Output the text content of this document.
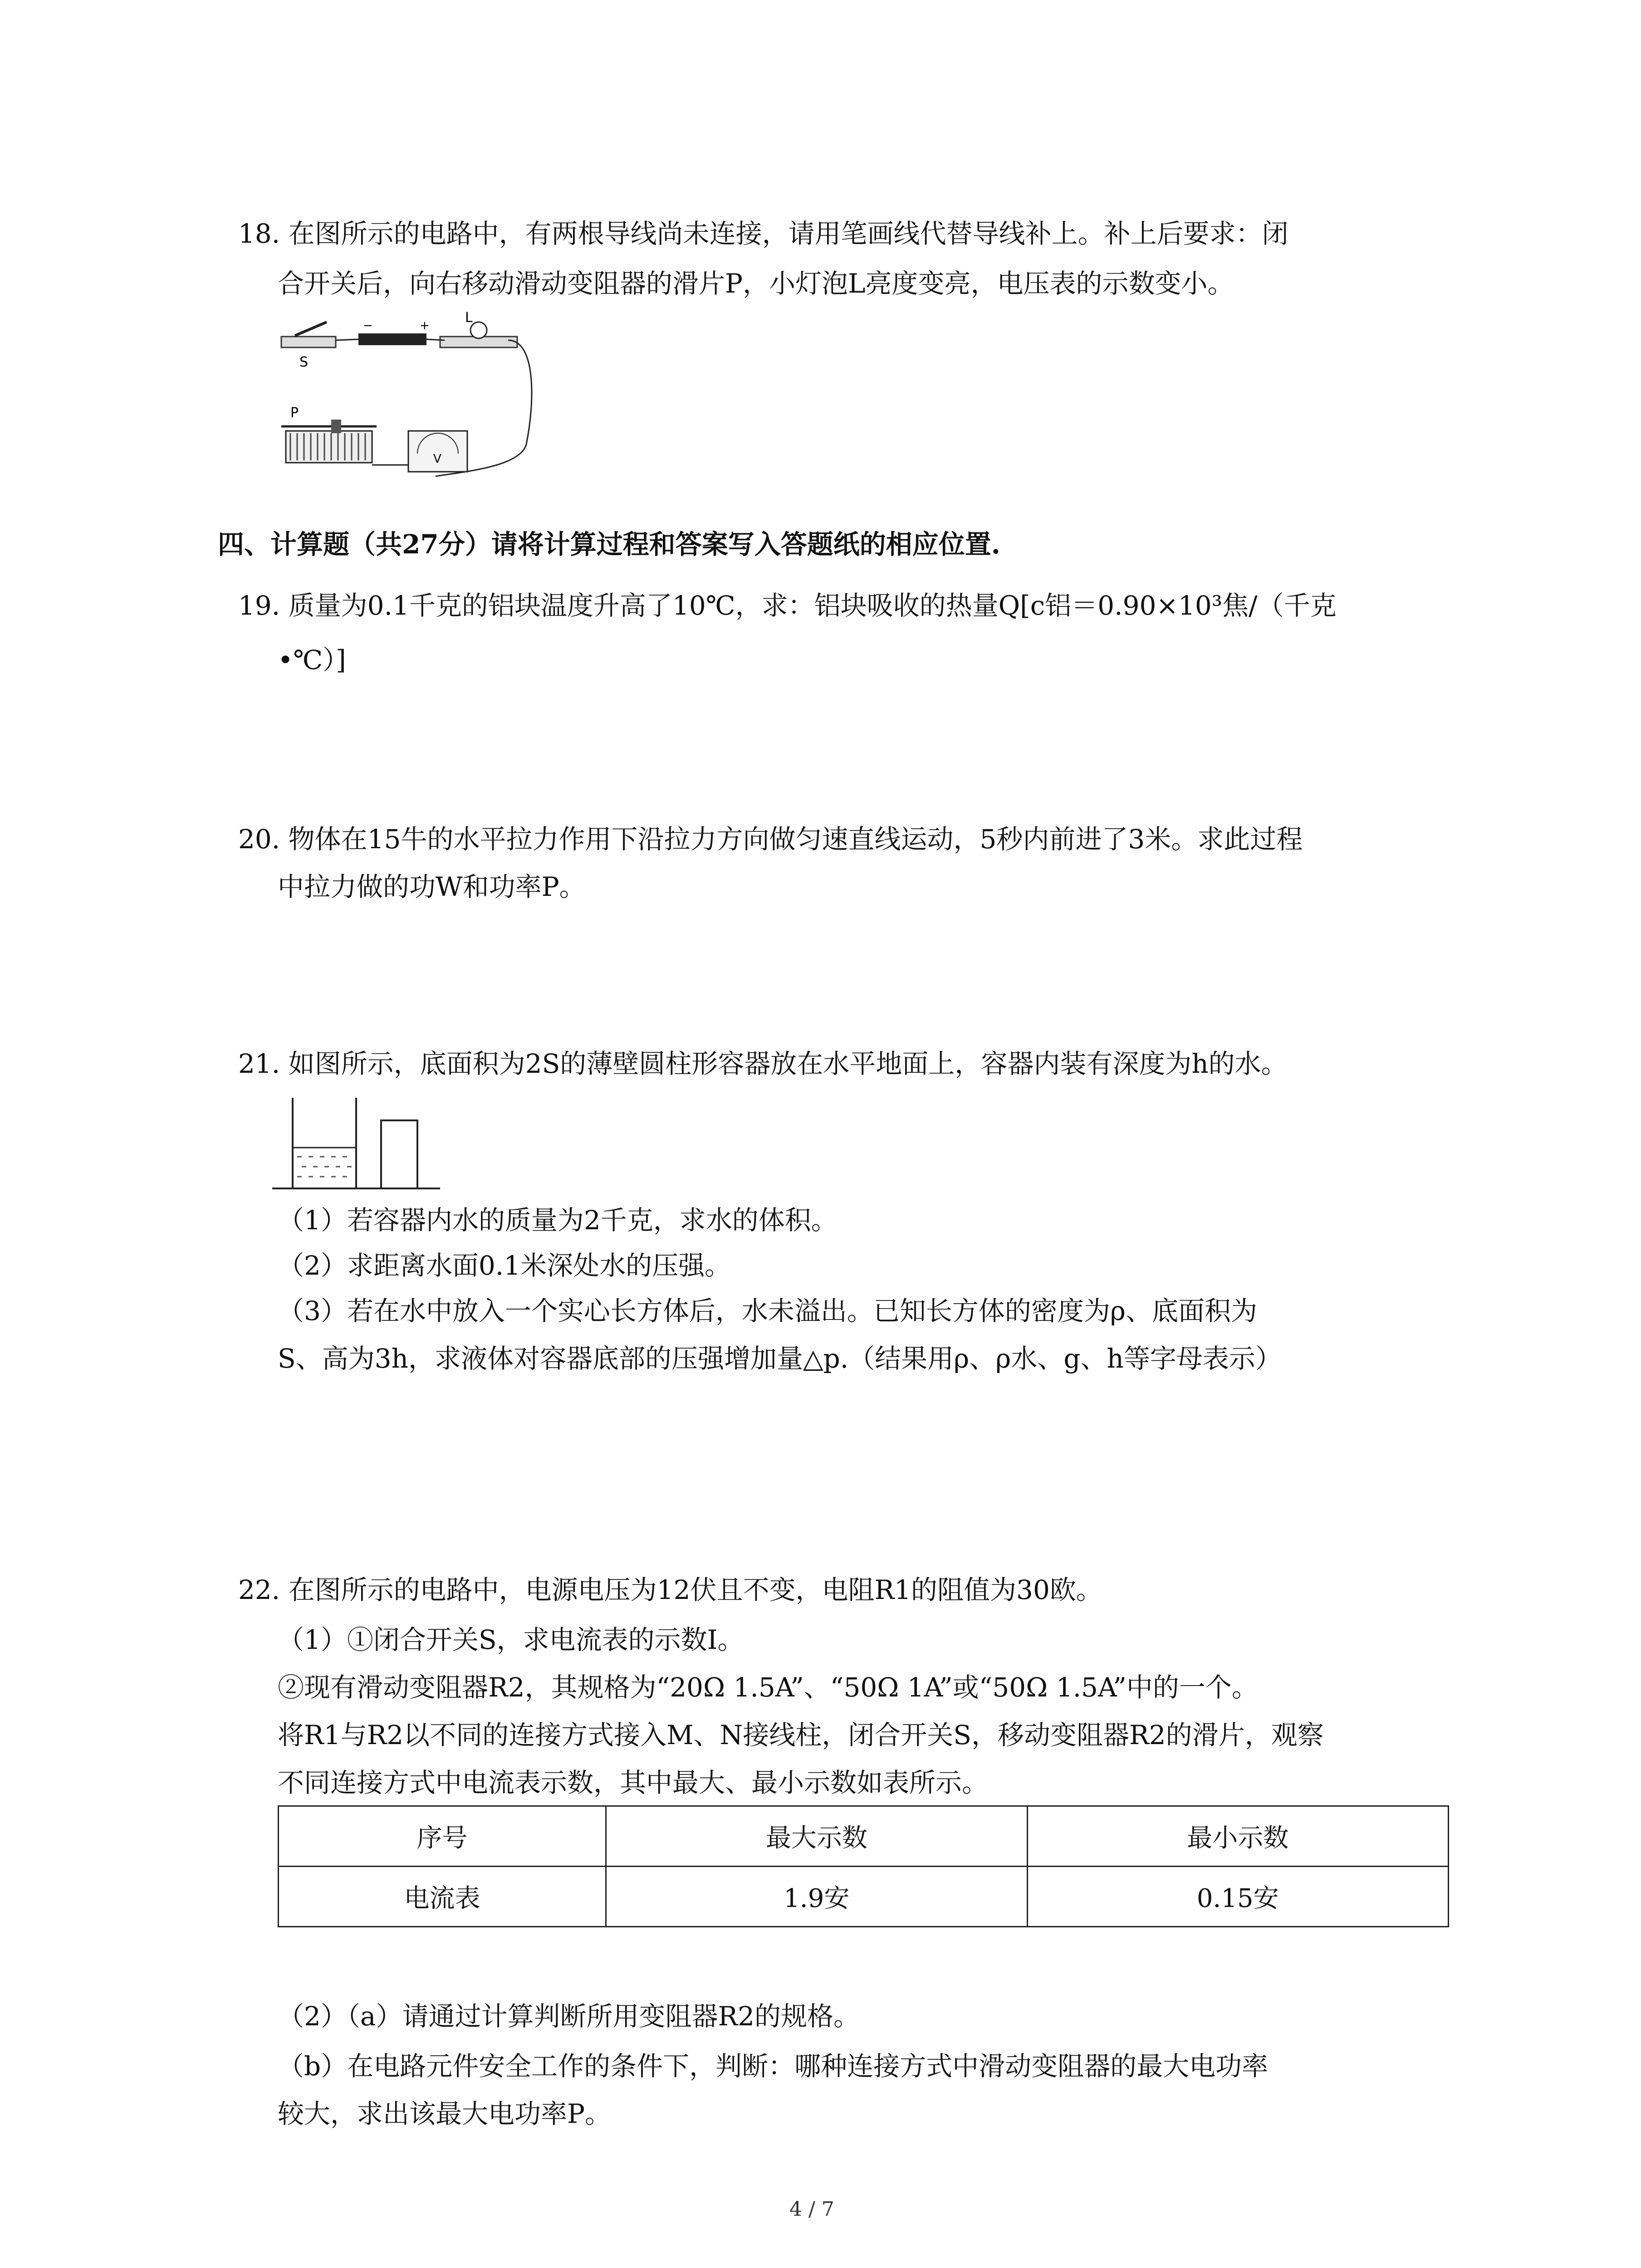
18. 在图所示的电路中，有两根导线尚未连接，请用笔画线代替导线补上。补上后要求：闭
合开关后，向右移动滑动变阻器的滑片P，小灯泡L亮度变亮，电压表的示数变小。
S
−	+	L
P
V
四、计算题（共27分）请将计算过程和答案写入答题纸的相应位置.
19. 质量为0.1千克的铝块温度升高了10℃，求：铝块吸收的热量Q[c铝＝0.90×10³焦/（千克
•℃）]
20. 物体在15牛的水平拉力作用下沿拉力方向做匀速直线运动，5秒内前进了3米。求此过程
中拉力做的功W和功率P。
21. 如图所示，底面积为2S的薄壁圆柱形容器放在水平地面上，容器内装有深度为h的水。
（1）若容器内水的质量为2千克，求水的体积。
（2）求距离水面0.1米深处水的压强。
（3）若在水中放入一个实心长方体后，水未溢出。已知长方体的密度为ρ、底面积为
S、高为3h，求液体对容器底部的压强增加量△p.（结果用ρ、ρ水、g、h等字母表示）
22. 在图所示的电路中，电源电压为12伏且不变，电阻R1的阻值为30欧。
（1）①闭合开关S，求电流表的示数I。
②现有滑动变阻器R2，其规格为“20Ω 1.5A”、“50Ω 1A”或“50Ω 1.5A”中的一个。
将R1与R2以不同的连接方式接入M、N接线柱，闭合开关S，移动变阻器R2的滑片，观察
不同连接方式中电流表示数，其中最大、最小示数如表所示。
序号	最大示数	最小示数
电流表	1.9安	0.15安
（2）（a）请通过计算判断所用变阻器R2的规格。
（b）在电路元件安全工作的条件下，判断：哪种连接方式中滑动变阻器的最大电功率
较大，求出该最大电功率P。
4 / 7
